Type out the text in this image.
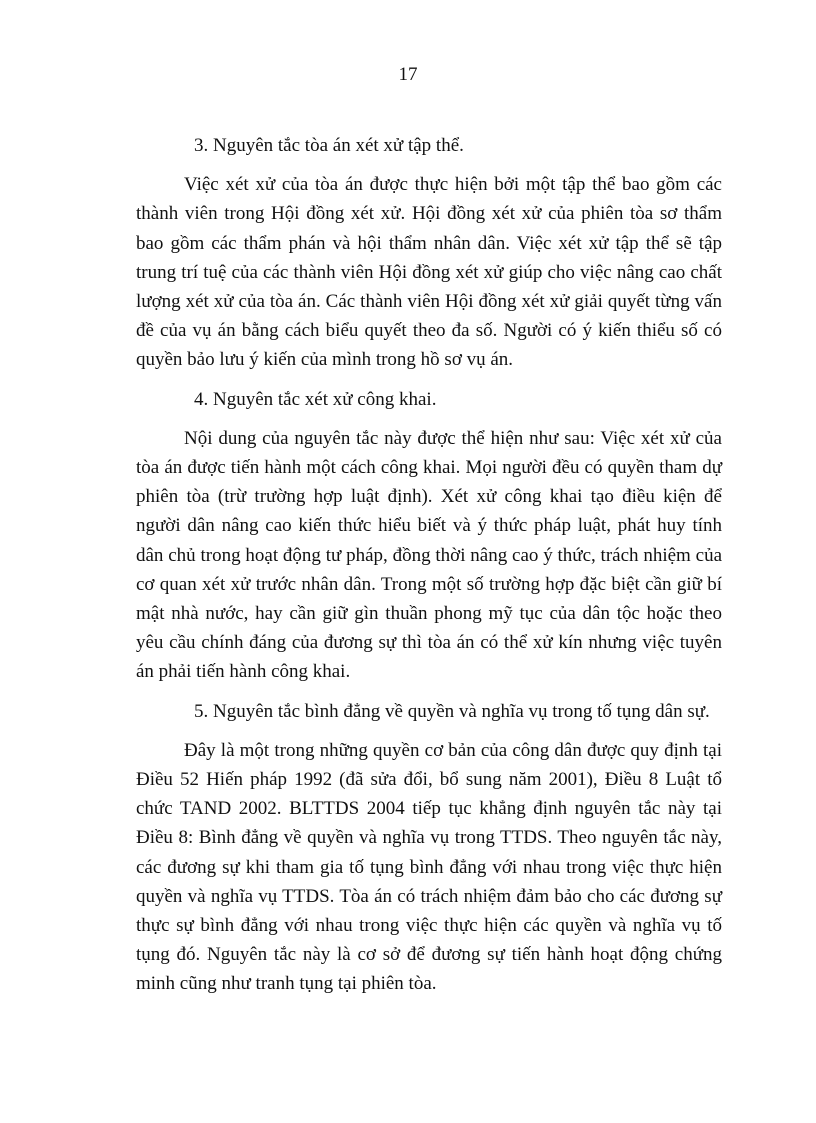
17

3. Nguyên tắc tòa án xét xử tập thể.

Việc xét xử của tòa án được thực hiện bởi một tập thể bao gồm các thành viên trong Hội đồng xét xử. Hội đồng xét xử của phiên tòa sơ thẩm bao gồm các thẩm phán và hội thẩm nhân dân. Việc xét xử tập thể sẽ tập trung trí tuệ của các thành viên Hội đồng xét xử giúp cho việc nâng cao chất lượng xét xử của tòa án. Các thành viên Hội đồng xét xử giải quyết từng vấn đề của vụ án bằng cách biểu quyết theo đa số. Người có ý kiến thiểu số có quyền bảo lưu ý kiến của mình trong hồ sơ vụ án.

4. Nguyên tắc xét xử công khai.

Nội dung của nguyên tắc này được thể hiện như sau: Việc xét xử của tòa án được tiến hành một cách công khai. Mọi người đều có quyền tham dự phiên tòa (trừ trường hợp luật định). Xét xử công khai tạo điều kiện để người dân nâng cao kiến thức hiểu biết và ý thức pháp luật, phát huy tính dân chủ trong hoạt động tư pháp, đồng thời nâng cao ý thức, trách nhiệm của cơ quan xét xử trước nhân dân. Trong một số trường hợp đặc biệt cần giữ bí mật nhà nước, hay cần giữ gìn thuần phong mỹ tục của dân tộc hoặc theo yêu cầu chính đáng của đương sự thì tòa án có thể xử kín nhưng việc tuyên án phải tiến hành công khai.

5. Nguyên tắc bình đẳng về quyền và nghĩa vụ trong tố tụng dân sự.

Đây là một trong những quyền cơ bản của công dân được quy định tại Điều 52 Hiến pháp 1992 (đã sửa đổi, bổ sung năm 2001), Điều 8 Luật tổ chức TAND 2002. BLTTDS 2004 tiếp tục khẳng định nguyên tắc này tại Điều 8: Bình đẳng về quyền và nghĩa vụ trong TTDS. Theo nguyên tắc này, các đương sự khi tham gia tố tụng bình đẳng với nhau trong việc thực hiện quyền và nghĩa vụ TTDS. Tòa án có trách nhiệm đảm bảo cho các đương sự thực sự bình đẳng với nhau trong việc thực hiện các quyền và nghĩa vụ tố tụng đó. Nguyên tắc này là cơ sở để đương sự tiến hành hoạt động chứng minh cũng như tranh tụng tại phiên tòa.
